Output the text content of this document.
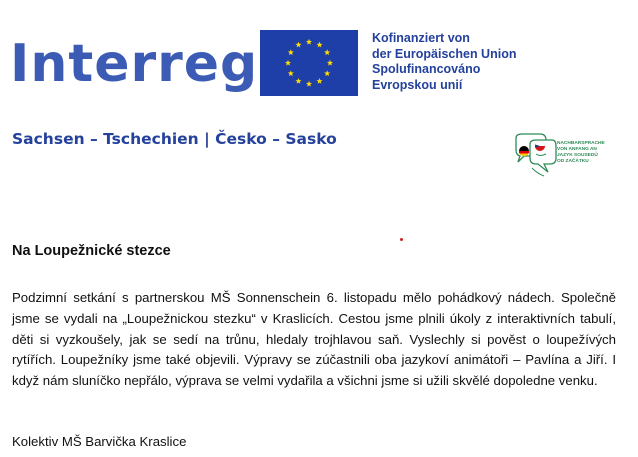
Interreg	Kofinanziert von
der Europäischen Union
Spolufinancováno
Evropskou unií
Sachsen – Tschechien | Česko – Sasko	NACHBARSPRACHE
VON ANFANG AN
JAZYK SOUSEDŮ
OD ZAČÁTKU
Na Loupežnické stezce

Podzimní setkání s partnerskou MŠ Sonnenschein 6. listopadu mělo pohádkový nádech. Společně jsme se vydali na „Loupežnickou stezku“ v Kraslicích. Cestou jsme plnili úkoly z interaktivních tabulí, děti si vyzkoušely, jak se sedí na trůnu, hledaly trojhlavou saň. Vyslechly si pověst o loupežívých rytířích. Loupežníky jsme také objevili. Výpravy se zúčastnili oba jazykoví animátoři – Pavlína a Jiří. I když nám sluníčko nepřálo, výprava se velmi vydařila a všichni jsme si užili skvělé dopoledne venku.

Kolektiv MŠ Barvička Kraslice
